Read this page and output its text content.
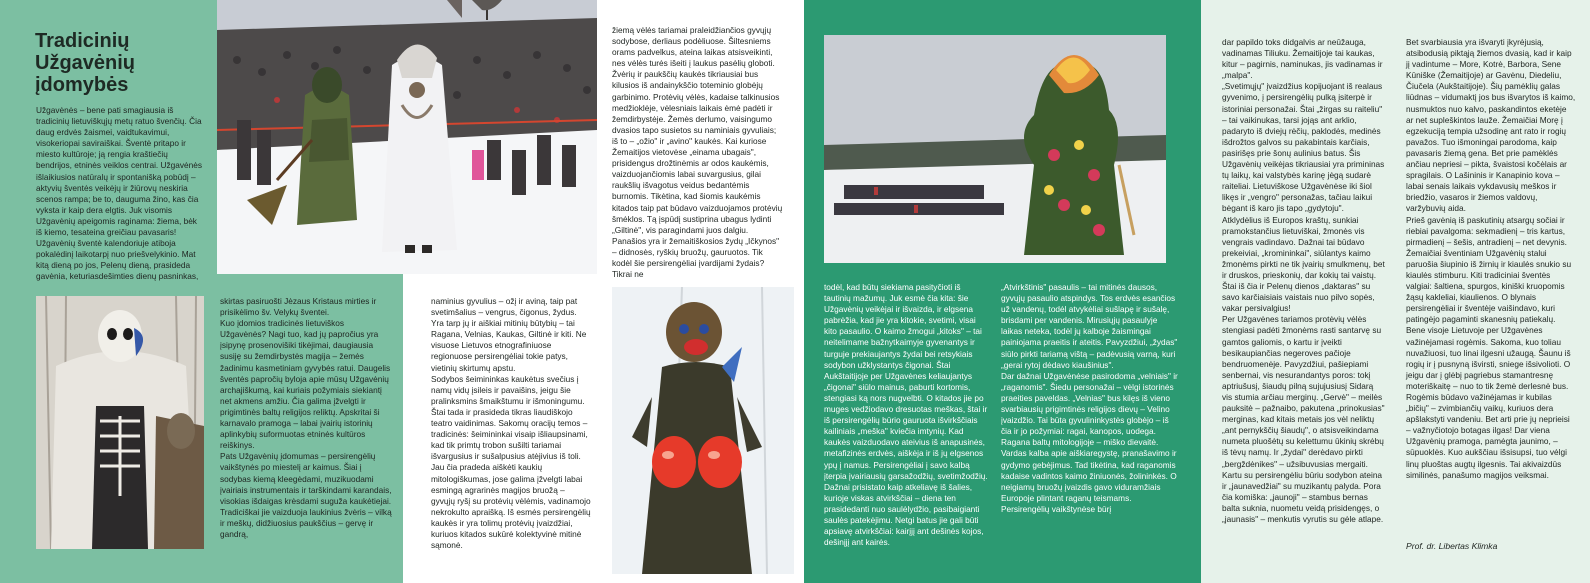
Tradicinių
Užgavėnių
įdomybės

Užgavėnės – bene pati smagiausia iš tradicinių lietuviškųjų metų ratuo švenčių. Čia daug erdvės žaismei, vaidtukavimui, visokeriopai saviraiškai. Šventė pritapo ir miesto kultūroje; ją rengia kraštiečių bendrijos, etninės veiklos centrai. Užgavėnės išlaikiusios natūralų ir spontanišką pobūdį – aktyvių šventės veikėjų ir žiūrovų neskiria scenos rampa; be to, dauguma žino, kas čia vyksta ir kaip dera elgtis. Juk visomis Užgavėnių apeigomis raginama: žiema, bėk iš kiemo, tesateina greičiau pavasaris!
Užgavėnių šventė kalendoriuje atiboja pokalėdinį laikotarpį nuo priešvelykinio. Mat kitą dieną po jos, Pelenų dieną, prasideda gavėnia, keturiasdešimties dienų pasninkas,

skirtas pasiruošti Jėzaus Kristaus mirties ir prisikėlimo šv. Velykų šventei.
Kuo įdomios tradicinės lietuviškos Užgavėnės? Nagi tuo, kad jų papročius yra įsipynę prosenovišiki tikėjimai, daugiausia susiję su žemdirbystės magija – žemės žadinimu kasmetiniam gyvybės ratui. Daugelis šventės papročių byloja apie mūsų Užgavėnių archajiškumą, kai kuriais požymiais siekiantį net akmens amžiu. Čia galima įžvelgti ir prigimtinės baltų religijos reliktų. Apskritai ši karnavalo pramoga – labai įvairių istorinių aplinkybių suformuotas etninės kultūros reiškinys.
Pats Užgavėnių įdomumas – persirengėlių vaikštynės po miestelį ar kaimus. Šiai į sodybas kiemą kleegėdami, muzikuodami įvairiais instrumentais ir tarškindami karandais, visokias išdaigas krėsdami suguža kaukėtiejai. Tradiciškai jie vaizduoja laukinius žvėris – vilką ir meškų, didžiuosius paukščius – gervę ir gandrą,

žiemą vėlės tariamai praleidžiančios gyvųjų sodybose, derliaus podėliuose. Šiltesniems orams padvelkus, ateina laikas atsisveikinti, nes vėlės turės išeiti į laukus pasėlių globoti. Žvėrių ir paukščių kaukės tikriausiai bus kilusios iš andainykščio toteminio globėjų garbinimo. Protėvių vėlės, kadaise talkinusios medžioklėje, vėlesniais laikais ėmė padėti ir žemdirbystėje. Žemės derlumo, vaisingumo dvasios tapo susietos su naminiais gyvuliais; iš to – „ožio" ir „avino" kaukės. Kai kuriose Žemaitijos vietovėse „einama ubagais", prisidengus drožtinėmis ar odos kaukėmis, vaizduojančiomis labai suvargusius, gilai raukšlių išvagotus veidus bedantėmis burnomis. Tikėtina, kad šiomis kaukėmis kitados taip pat būdavo vaizduojamos protėvių šmėklos. Tą įspūdį sustiprina ubagus lydinti „Giltinė", vis paragindami juos dalgiu. Panašios yra ir žemaitiškosios žydų „Ičkynos" – didnosės, ryškių bruožų, gauruotos. Tik kodėl šie persirengėliai įvardijami žydais? Tikrai ne

naminius gyvulius – ožį ir aviną, taip pat svetimšalius – vengrus, čigonus, žydus. Yra tarp jų ir aiškiai mitinių būtybių – tai Ragana, Velnias, Kaukas, Giltinė ir kiti. Ne visuose Lietuvos etnografiniuose regionuose persirengėliai tokie patys, vietinių skirtumų apstu.
Sodybos šeimininkas kaukėtus svečius į namų vidų įsileis ir pavaišins, jeigu šie pralinksmins šmaikštumu ir išmoningumu. Štai tada ir prasideda tikras liaudiškojo teatro vaidinimas. Sakomų oracijų temos – tradicinės: šeimininkai visaip išliaupsinami, kad tik primtų trobon sušilti tariamai išvargusius ir sušalpusius atėjivius iš toli. Jau čia pradeda aiškėti kaukių mitologiškumas, jose galima įžvelgti labai esmingą agrarinės magijos bruožą – gyvųjų ryšį su protėvių vėlėmis, vadinamojo nekrokulto apraišką. Iš esmės persirengėlių kaukės ir yra tolimų protėvių įvaizdžiai, kuriuos kitados sukūrė kolektyvinė mitinė sąmonė.

todėl, kad būtų siekiama pasityčioti iš tautinių mažumų. Juk esmė čia kita: šie Užgavėnių veikėjai ir išvaizda, ir elgsena pabrėžia, kad jie yra kitokie, svetimi, visai kito pasaulio. O kaimo žmogui „kitoks" – tai neitelimame bažnytkaimyje gyvenantys ir turguje prekiaujantys žydai bei retsykiais sodybon užklystantys čigonai. Štai Aukštaitijoje per Užgavėnes keliaujantys „čigonai" siūlo mainus, paburti kortomis, stengiasi ką nors nugvelbti. O kitados jie po muges vedžiodavo dresuotas meškas, štai ir iš persirengėlių būrio gauruota išvirkščiais kailiniais „meška" kviečia imtynių. Kad kaukės vaizduodavo ateivius iš anapusinės, metafizinės erdvės, aiškėja ir iš jų elgsenos ypų į namus. Persirengėliai į savo kalbą įterpia įvairiausių garsažodžių, svetimžodžių. Dažnai prisistato kaip atkeliavę iš šalies, kurioje viskas atvirkščiai – diena ten prasidedanti nuo saulėlydžio, pasibaigianti saulės patekėjimu. Netgi batus jie gali būti apsiavę atvirkščiai: kairįjį ant dešinės kojos, dešinįjį ant kairės.

„Atvirkštinis" pasaulis – tai mitinės dausos, gyvųjų pasaulio atspindys. Tos erdvės esančios už vandenų, todėl atvykėliai sušlapę ir sušalę, brisdami per vandenis. Mirusiųjų pasaulyje laikas neteka, todėl jų kalboje žaismingai painiojama praeitis ir ateitis. Pavyzdžiui, „žydas" siūlo pirkti tariamą vištą – padėvusią varną, kuri „gerai rytoj dėdavo kiaušinius".
Dar dažnai Užgavėnėse pasirodoma „velniais" ir „raganomis". Šiedu personažai – vėlgi istorinės praeities paveldas. „Velnias" bus kilęs iš vieno svarbiausių prigimtinės religijos dievų – Velino įvaizdžio. Tai būta gyvulininkystės globėjo – iš čia ir jo požymiai: ragai, kanopos, uodega. Ragana baltų mitologijoje – miško dievaitė. Vardas kalba apie aiškiaregystę, pranašavimo ir gydymo gebėjimus. Tad tikėtina, kad raganomis kadaise vadintos kaimo žiniuonės, žolininkės. O neigiamų bruožų įvaizdis gavo viduramžiais Europoje plintant raganų teismams. Persirengėlių vaikštynėse būrį

dar papildo toks didgalvis ar neūžauga, vadinamas Tiliuku. Žemaitijoje tai kaukas, kitur – pagirnis, naminukas, jis vadinamas ir „malpa".
„Svetimųjų" įvaizdžius kopijuojant iš realaus gyvenimo, į persirengėlių pulką įsiterpė ir istoriniai personažai. Štai „žirgas su raiteliu" – tai vaikinukas, tarsi jojąs ant arklio, padaryto iš dviejų rėčių, paklodės, medinės išdrožtos galvos su pakabintais karčiais, pasirišęs prie šonų aulinius batus. Šis Užgavėnių veikėjas tikriausiai yra primininas tų laikų, kai valstybės karinę jėgą sudarė raiteliai. Lietuviškose Užgavėnėse iki šiol likęs ir „vengro" personažas, tačiau laikui bėgant iš karo jis tapo „gydytoju". Atklydėlius iš Europos kraštų, sunkiai pramokstančius lietuviškai, žmonės vis vengrais vadindavo. Dažnai tai būdavo prekeiviai, „kromininkai", siūlantys kaimo žmonėms pirkti ne tik įvairių smulkmenų, bet ir druskos, prieskonių, dar kokių tai vaistų. Štai iš čia ir Pelenų dienos „daktaras" su savo karčiaisiais vaistais nuo pilvo sopės, vakar persivalgius!
Per Užgavėnes tariamos protėvių vėlės stengiasi padėti žmonėms rasti santarvę su gamtos galiomis, o kartu ir įveikti besikaupiančias negeroves pačioje bendruomenėje. Pavyzdžiui, pašiepiami senbernai, vis nesurandantys poros: tokį aptriušusį, šiaudų pilną sujujusiusį Sidarą vis stumia arčiau merginų. „Gervė" – meilės pauksitė – pažnaibo, pakutena „prinokusias" merginas, kad kitais metais jos vėl neliktų „ant pernykščių šiaudų", o atsisveikindama numeta pluošėtų su kelettumu ūkinių skrėbų iš tėvų namų. Ir „žydai" derėdavo pirkti „bergždėnikes" – užsibuvusias mergaiti. Kartu su persirengėliu būriu sodybon ateina ir „jaunavedžiai" su muzikantų palyda. Pora čia komiška: „jaunoji" – stambus bernas balta suknia, nuometu veidą prisidengęs, o „jaunasis" – menkutis vyrutis su gėle atlape.

Bet svarbiausia yra išvaryti įkyrėjusią, atsibodusią piktąją žiemos dvasią, kad ir kaip jį vadintume – More, Kotrė, Barbora, Sene Kūniške (Žemaitijoje) ar Gavėnu, Diedeliu, Čiučela (Aukštaitijoje). Šių pamėklių galas liūdnas – vidumaktį jos bus išvarytos iš kaimo, nusmuktos nuo kalvo, paskandintos eketėje ar net supleškintos lauže. Žemaičiai Morę į egzekuciją tempia užsodinę ant rato ir rogių pavažos. Tuo išmoningai parodoma, kaip pavasaris žiemą gena. Bet prie pamėklės ančiau nepriesi – pikta, švaistosi kočėlais ar spragilais. O Lašininis ir Kanapinio kova – labai senais laikais vykdavusių meškos ir briedžio, vasaros ir žiemos valdovų, varžybuvių aida.
Prieš gavėnią iš paskutinių atsargų sočiai ir riebiai pavalgoma: sekmadienį – tris kartus, pirmadienį – šešis, antradienį – net devynis. Žemaičiai šventiniam Užgavėnių stalui paruošia šiupinio iš žirnių ir kiaulės snukio su kiaulės stimburu. Kiti tradiciniai šventės valgiai: šaltiena, spurgos, kiniški kruopomis žąsų kakleliai, kiaulienos. O blynais persirengėliai ir šventėje vaišindavo, kuri patingėjo pagaminti skanesnių patiekalų.
Bene visoje Lietuvoje per Užgavėnes važinėjamasi rogėmis. Sakoma, kuo toliau nuvažiuosi, tuo linai ilgesni užaugą. Šaunu iš rogių ir į pusnyną išvirsti, sniege išsivolioti. O jeigu dar į glėbį pagriebus stamantresnę moteriškaitę – nuo to tik žemė derlesnė bus. Rogėmis būdavo važinėjamas ir kubilas „bičių" – zvimbiančių vaikų, kuriuos dera apšlakstyti vandeniu. Bet arti prie jų neprieisi – važnyčiotojo botagas ilgas! Dar viena Užgavėnių pramoga, pamėgta jaunimo, – sūpuoklės. Kuo aukščiau išsisupsi, tuo vėlgi linų pluoštas augtų ilgesnis. Tai akivaizdūs similinės, panašumo magijos veiksmai.

Prof. dr. Libertas Klimka
